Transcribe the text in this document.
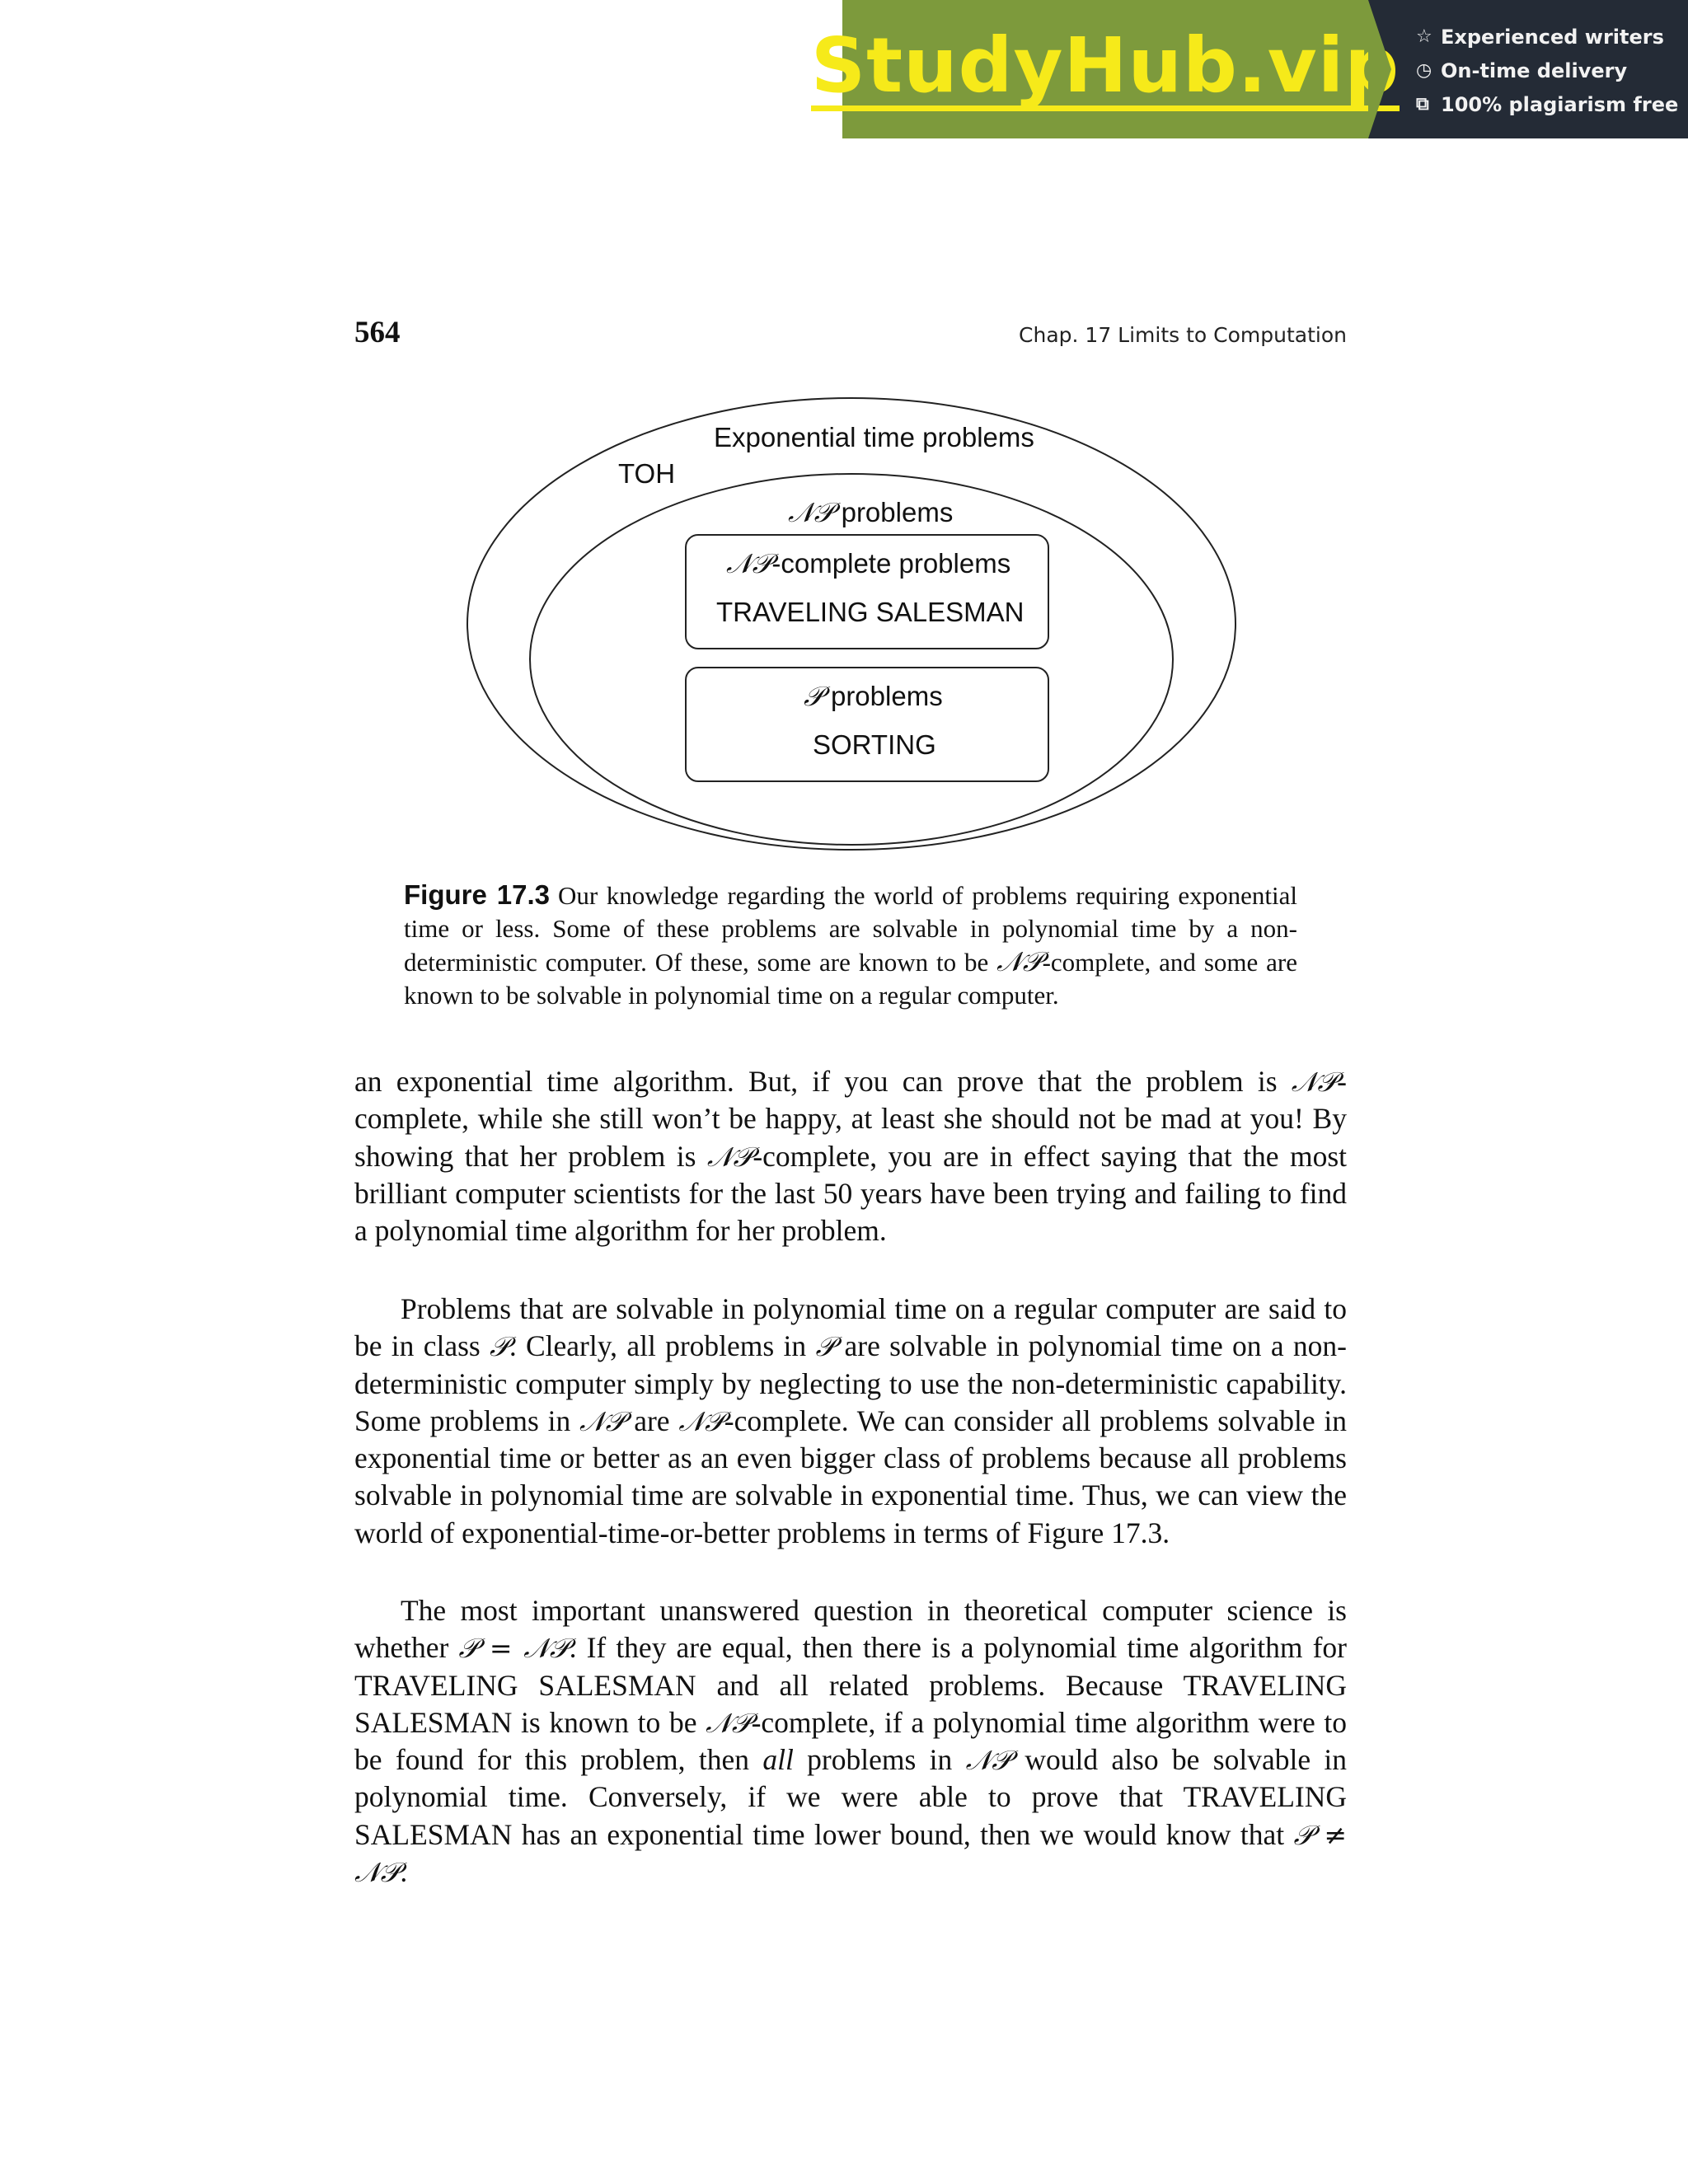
StudyHub.vip ☆ Experienced writers
◷ On-time delivery
⧉ 100% plagiarism free
564	Chap. 17 Limits to Computation
Exponential time problems
TOH
𝒩𝒫 problems
𝒩𝒫-complete problems
TRAVELING SALESMAN
𝒫 problems
SORTING
Figure 17.3 Our knowledge regarding the world of problems requiring exponential time or less. Some of these problems are solvable in polynomial time by a non-deterministic computer. Of these, some are known to be 𝒩𝒫-complete, and some are known to be solvable in polynomial time on a regular computer.

an exponential time algorithm. But, if you can prove that the problem is 𝒩𝒫-complete, while she still won’t be happy, at least she should not be mad at you! By showing that her problem is 𝒩𝒫-complete, you are in effect saying that the most brilliant computer scientists for the last 50 years have been trying and failing to find a polynomial time algorithm for her problem.

Problems that are solvable in polynomial time on a regular computer are said to be in class 𝒫. Clearly, all problems in 𝒫 are solvable in polynomial time on a non-deterministic computer simply by neglecting to use the non-deterministic capability. Some problems in 𝒩𝒫 are 𝒩𝒫-complete. We can consider all problems solvable in exponential time or better as an even bigger class of problems because all problems solvable in polynomial time are solvable in exponential time. Thus, we can view the world of exponential-time-or-better problems in terms of Figure 17.3.

The most important unanswered question in theoretical computer science is whether 𝒫 = 𝒩𝒫. If they are equal, then there is a polynomial time algorithm for TRAVELING SALESMAN and all related problems. Because TRAVELING SALESMAN is known to be 𝒩𝒫-complete, if a polynomial time algorithm were to be found for this problem, then all problems in 𝒩𝒫 would also be solvable in polynomial time. Conversely, if we were able to prove that TRAVELING SALESMAN has an exponential time lower bound, then we would know that 𝒫 ≠ 𝒩𝒫.
